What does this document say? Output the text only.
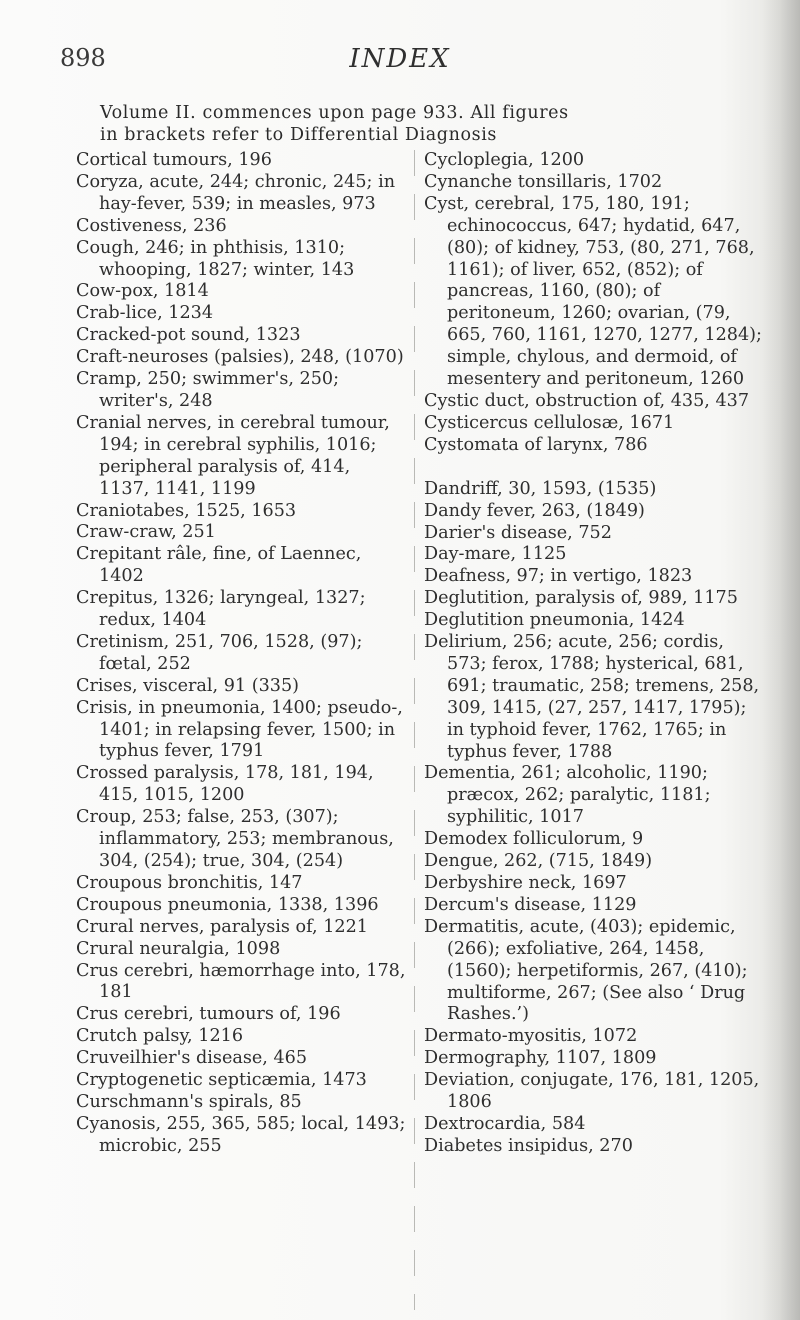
898	INDEX
Volume II. commences upon page 933. All figures
in brackets refer to Differential Diagnosis

Cortical tumours, 196

Coryza, acute, 244; chronic, 245; in hay-fever, 539; in measles, 973

Costiveness, 236

Cough, 246; in phthisis, 1310; whooping, 1827; winter, 143

Cow-pox, 1814

Crab-lice, 1234

Cracked-pot sound, 1323

Craft-neuroses (palsies), 248, (1070)

Cramp, 250; swimmer's, 250; writer's, 248

Cranial nerves, in cerebral tumour, 194; in cerebral syphilis, 1016; peripheral paralysis of, 414, 1137, 1141, 1199

Craniotabes, 1525, 1653

Craw-craw, 251

Crepitant râle, fine, of Laennec, 1402

Crepitus, 1326; laryngeal, 1327; redux, 1404

Cretinism, 251, 706, 1528, (97); fœtal, 252

Crises, visceral, 91 (335)

Crisis, in pneumonia, 1400; pseudo-, 1401; in relapsing fever, 1500; in typhus fever, 1791

Crossed paralysis, 178, 181, 194, 415, 1015, 1200

Croup, 253; false, 253, (307); inflammatory, 253; membranous, 304, (254); true, 304, (254)

Croupous bronchitis, 147

Croupous pneumonia, 1338, 1396

Crural nerves, paralysis of, 1221

Crural neuralgia, 1098

Crus cerebri, hæmorrhage into, 178, 181

Crus cerebri, tumours of, 196

Crutch palsy, 1216

Cruveilhier's disease, 465

Cryptogenetic septicæmia, 1473

Curschmann's spirals, 85

Cyanosis, 255, 365, 585; local, 1493; microbic, 255

Cycloplegia, 1200

Cynanche tonsillaris, 1702

Cyst, cerebral, 175, 180, 191; echinococcus, 647; hydatid, 647, (80); of kidney, 753, (80, 271, 768, 1161); of liver, 652, (852); of pancreas, 1160, (80); of peritoneum, 1260; ovarian, (79, 665, 760, 1161, 1270, 1277, 1284); simple, chylous, and dermoid, of mesentery and peritoneum, 1260

Cystic duct, obstruction of, 435, 437

Cysticercus cellulosæ, 1671

Cystomata of larynx, 786

Dandriff, 30, 1593, (1535)

Dandy fever, 263, (1849)

Darier's disease, 752

Day-mare, 1125

Deafness, 97; in vertigo, 1823

Deglutition, paralysis of, 989, 1175

Deglutition pneumonia, 1424

Delirium, 256; acute, 256; cordis, 573; ferox, 1788; hysterical, 681, 691; traumatic, 258; tremens, 258, 309, 1415, (27, 257, 1417, 1795); in typhoid fever, 1762, 1765; in typhus fever, 1788

Dementia, 261; alcoholic, 1190; præcox, 262; paralytic, 1181; syphilitic, 1017

Demodex folliculorum, 9

Dengue, 262, (715, 1849)

Derbyshire neck, 1697

Dercum's disease, 1129

Dermatitis, acute, (403); epidemic, (266); exfoliative, 264, 1458, (1560); herpetiformis, 267, (410); multiforme, 267; (See also ‘ Drug Rashes.’)

Dermato-myositis, 1072

Dermography, 1107, 1809

Deviation, conjugate, 176, 181, 1205, 1806

Dextrocardia, 584

Diabetes insipidus, 270
